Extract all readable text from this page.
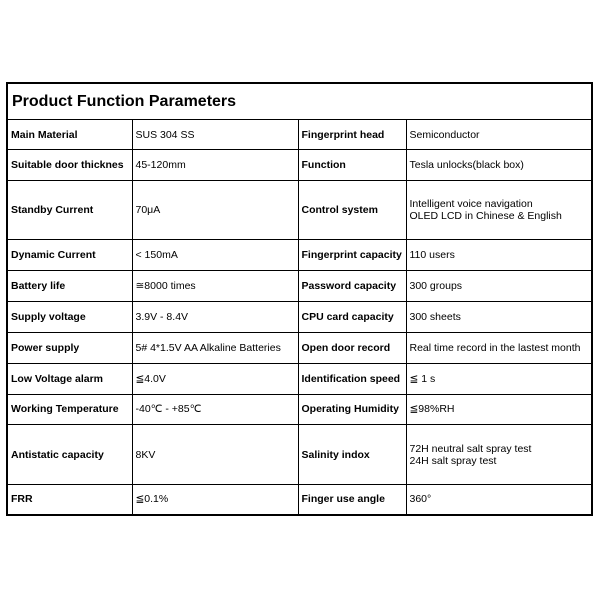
Product Function Parameters
Main Material	SUS 304 SS	Fingerprint head	Semiconductor

Suitable door thicknes	45-120mm	Function	Tesla unlocks(black box)

Standby Current	70μA	Control system	Intelligent voice navigation
OLED LCD in Chinese & English

Dynamic Current	< 150mA	Fingerprint capacity	110 users

Battery life	≅8000 times	Password capacity	300 groups

Supply voltage	3.9V - 8.4V	CPU card capacity	300 sheets

Power supply	5# 4*1.5V AA Alkaline Batteries	Open door record	Real time record in the lastest month

Low Voltage alarm	≦4.0V	Identification speed	≦ 1 s

Working Temperature	-40℃ - +85℃	Operating Humidity	≦98%RH

Antistatic capacity	8KV	Salinity indox	72H neutral salt spray test
24H salt spray test

FRR	≦0.1%	Finger use angle	360°
